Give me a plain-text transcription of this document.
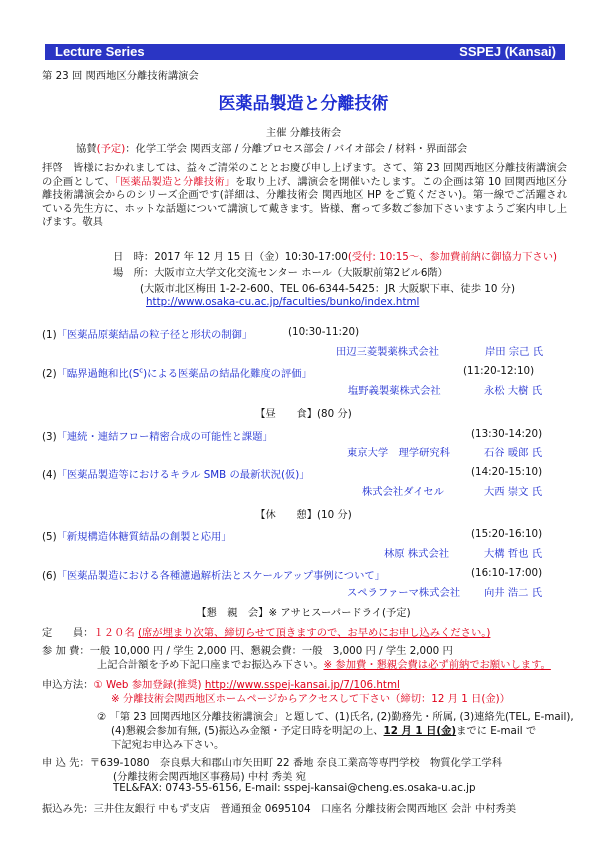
Lecture Series	SSPEJ (Kansai)
第 23 回 関西地区分離技術講演会
医薬品製造と分離技術
主催 分離技術会
協賛(予定)：化学工学会 関西支部 / 分離プロセス部会 / バイオ部会 / 材料・界面部会
拝啓　皆様におかれましては、益々ご清栄のこととお慶び申し上げます。さて、第 23 回関西地区分離技術講演会の企画として、「医薬品製造と分離技術」を取り上げ、講演会を開催いたします。この企画は第 10 回関西地区分離技術講演会からのシリーズ企画です(詳細は、分離技術会 関西地区 HP をご覧ください)。第一線でご活躍されている先生方に、ホットな話題について講演して戴きます。皆様、奮って多数ご参加下さいますようご案内申し上げます。敬具
日　時：2017 年 12 月 15 日（金）10:30-17:00(受付: 10:15～、参加費前納に御協力下さい)
場　所：大阪市立大学文化交流センター ホール（大阪駅前第2ビル6階）
(大阪市北区梅田 1-2-2-600、TEL 06-6344-5425：JR 大阪駅下車、徒歩 10 分)
http://www.osaka-cu.ac.jp/faculties/bunko/index.html
(1)「医薬品原薬結晶の粒子径と形状の制御」	(10:30-11:20)
田辺三菱製薬株式会社	岸田 宗己 氏
(2)「臨界過飽和比$(S^c)$による医薬品の結晶化難度の評価」	(11:20-12:10)
塩野義製薬株式会社	永松 大樹 氏
【昼　　食】(80 分)
(3)「連続・連結フロー精密合成の可能性と課題」	(13:30-14:20)
東京大学　理学研究科	石谷 暖郎 氏
(4)「医薬品製造等におけるキラル SMB の最新状況(仮)」	(14:20-15:10)
株式会社ダイセル	大西 崇文 氏
【休　　憩】(10 分)
(5)「新規構造体糖質結晶の創製と応用」	(15:20-16:10)
林原 株式会社	大構 哲也 氏
(6)「医薬品製造における各種濾過解析法とスケールアップ事例について」	(16:10-17:00)
スペラファーマ株式会社 向井 浩二 氏
【懇　親　会】※ アサヒスーパードライ(予定)
定　　員：１２０名 (席が埋まり次第、締切らせて頂きますので、お早めにお申し込みください。)
参 加 費：一般 10,000 円 / 学生 2,000 円、懇親会費：一般　3,000 円 / 学生 2,000 円
上記合計額を予め下記口座までお振込み下さい。※ 参加費・懇親会費は必ず前納でお願いします。
申込方法：① Web 参加登録(推奨) http://www.sspej-kansai.jp/7/106.html
※ 分離技術会関西地区ホームページからアクセスして下さい（締切：12 月 1 日(金)）
② 「第 23 回関西地区分離技術講演会」と題して、(1)氏名, (2)勤務先・所属, (3)連絡先(TEL, E-mail),
(4)懇親会参加有無, (5)振込み金額・予定日時を明記の上、12 月 1 日(金)までに E-mail で
下記宛お申込み下さい。
申 込 先：〒639-1080　奈良県大和郡山市矢田町 22 番地 奈良工業高等専門学校　物質化学工学科
(分離技術会関西地区事務局) 中村 秀美 宛
TEL&FAX: 0743-55-6156, E-mail: sspej-kansai@cheng.es.osaka-u.ac.jp
振込み先：三井住友銀行 中もず支店　普通預金 0695104　口座名 分離技術会関西地区 会計 中村秀美
